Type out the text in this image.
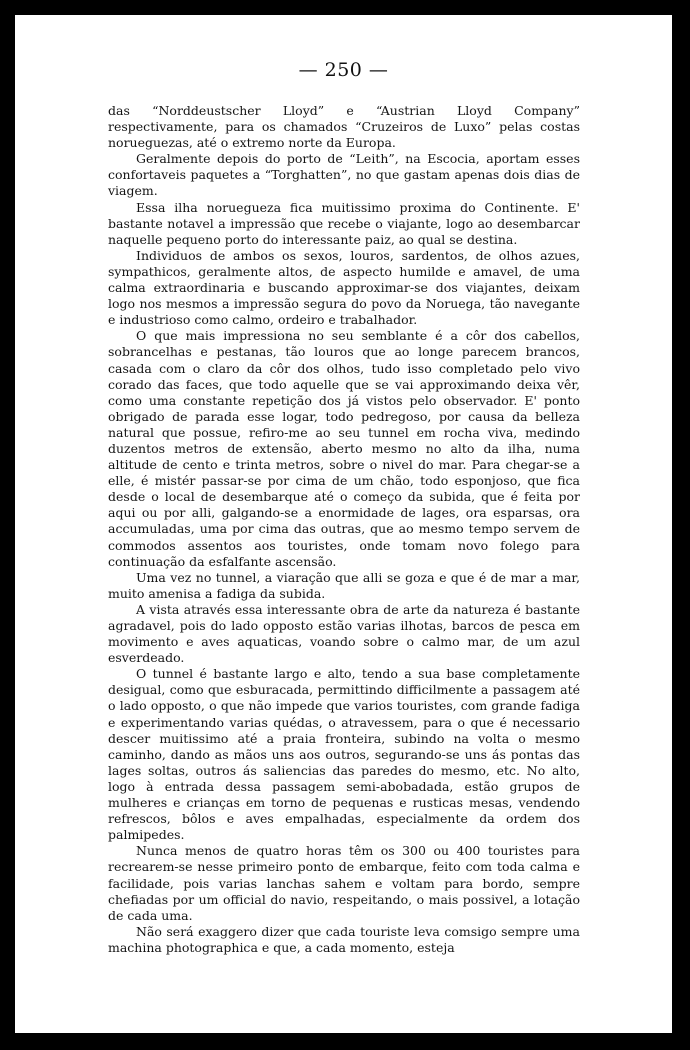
— 250 —

das “Norddeustscher Lloyd” e “Austrian Lloyd Company” respectivamente, para os chamados “Cruzeiros de Luxo” pelas costas norueguezas, até o extremo norte da Europa.

Geralmente depois do porto de “Leith”, na Escocia, aportam esses confortaveis paquetes a “Torghatten”, no que gastam apenas dois dias de viagem.

Essa ilha norueguezа fica muitissimo proxima do Continente. E' bastante notavel a impressão que recebe o viajante, logo ao desembarcar naquelle pequeno porto do interessante paiz, ao qual se destina.

Individuos de ambos os sexos, louros, sardentos, de olhos azues, sympathicos, geralmente altos, de aspecto humilde e amavel, de uma calma extraordinaria e buscando approximar-se dos viajantes, deixam logo nos mesmos a impressão segura do povo da Noruega, tão navegante e industrioso como calmo, ordeiro e trabalhador.

O que mais impressiona no seu semblante é a côr dos cabellos, sobrancelhas e pestanas, tão louros que ao longe parecem brancos, casada com o claro da côr dos olhos, tudo isso completado pelo vivo corado das faces, que todo aquelle que se vai approximando deixa vêr, como uma constante repetição dos já vistos pelo observador. E' ponto obrigado de parada esse logar, todo pedregoso, por causa da belleza natural que possue, refiro-me ao seu tunnel em rocha viva, medindo duzentos metros de extensão, aberto mesmo no alto da ilha, numa altitude de cento e trinta metros, sobre o nivel do mar. Para chegar-se a elle, é mistér passar-se por cima de um chão, todo esponjoso, que fica desde o local de desembarque até o começo da subida, que é feita por aqui ou por alli, galgando-se a enormidade de lages, ora esparsas, ora accumuladas, uma por cima das outras, que ao mesmo tempo servem de commodos assentos aos touristes, onde tomam novo folego para continuação da esfalfante ascensão.

Uma vez no tunnel, a viaração que alli se goza e que é de mar a mar, muito amenisa a fadiga da subida.

A vista através essa interessante obra de arte da natureza é bastante agradavel, pois do lado opposto estão varias ilhotas, barcos de pesca em movimento e aves aquaticas, voando sobre o calmo mar, de um azul esverdeado.

O tunnel é bastante largo e alto, tendo a sua base completamente desigual, como que esburacada, permittindo difficilmente a passagem até o lado opposto, o que não impede que varios touristes, com grande fadiga e experimentando varias quédas, o atravessem, para o que é necessario descer muitissimo até a praia fronteira, subindo na volta o mesmo caminho, dando as mãos uns aos outros, segurando-se uns ás pontas das lages soltas, outros ás saliencias das paredes do mesmo, etc. No alto, logo à entrada dessa passagem semi-abobadada, estão grupos de mulheres e crianças em torno de pequenas e rusticas mesas, vendendo refrescos, bôlos e aves empalhadas, especialmente da ordem dos palmipedes.

Nunca menos de quatro horas têm os 300 ou 400 touristes para recrearem-se nesse primeiro ponto de embarque, feito com toda calma e facilidade, pois varias lanchas sahem e voltam para bordo, sempre chefiadas por um official do navio, respeitando, o mais possivel, a lotação de cada uma.

Não será exaggero dizer que cada touriste leva comsigo sempre uma machina photographica e que, a cada momento, esteja
